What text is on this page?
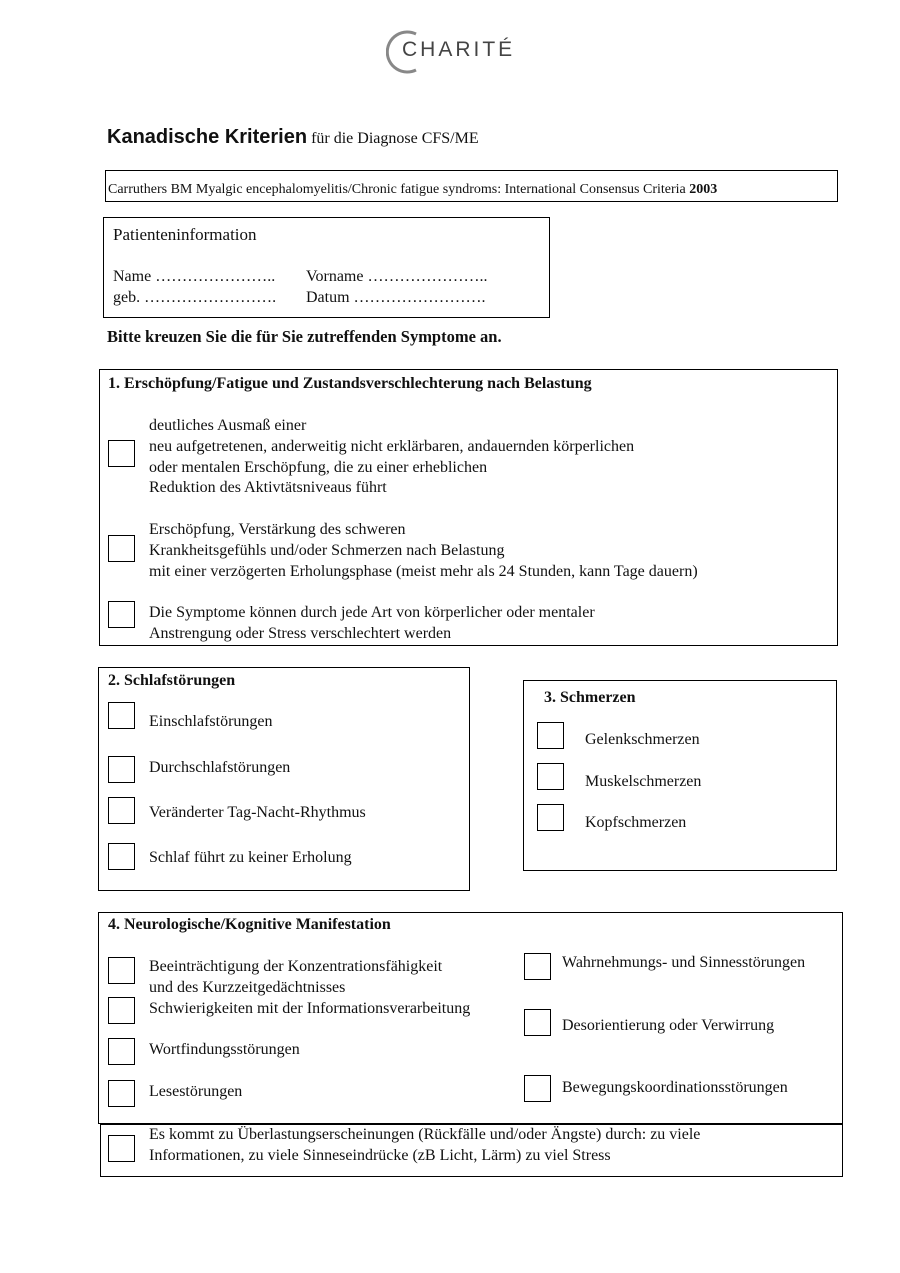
CHARITÉ
Kanadische Kriterien für die Diagnose CFS/ME
Carruthers BM Myalgic encephalomyelitis/Chronic fatigue syndroms: International Consensus Criteria 2003
Patienteninformation
Name ………………….. Vorname …………………..
geb. ……………………. Datum …………………….
Bitte kreuzen Sie die für Sie zutreffenden Symptome an.
1. Erschöpfung/Fatigue und Zustandsverschlechterung nach Belastung
deutliches Ausmaß einer
neu aufgetretenen, anderweitig nicht erklärbaren, andauernden körperlichen
oder mentalen Erschöpfung, die zu einer erheblichen
Reduktion des Aktivtätsniveaus führt
Erschöpfung, Verstärkung des schweren
Krankheitsgefühls und/oder Schmerzen nach Belastung
mit einer verzögerten Erholungsphase (meist mehr als 24 Stunden, kann Tage dauern)
Die Symptome können durch jede Art von körperlicher oder mentaler
Anstrengung oder Stress verschlechtert werden
2. Schlafstörungen
Einschlafstörungen
Durchschlafstörungen
Veränderter Tag-Nacht-Rhythmus
Schlaf führt zu keiner Erholung
3. Schmerzen
Gelenkschmerzen
Muskelschmerzen
Kopfschmerzen
4. Neurologische/Kognitive Manifestation
Beeinträchtigung der Konzentrationsfähigkeit
und des Kurzzeitgedächtnisses
Schwierigkeiten mit der Informationsverarbeitung
Wortfindungsstörungen
Lesestörungen
Wahrnehmungs- und Sinnesstörungen
Desorientierung oder Verwirrung
Bewegungskoordinationsstörungen
Es kommt zu Überlastungserscheinungen (Rückfälle und/oder Ängste) durch: zu viele
Informationen, zu viele Sinneseindrücke (zB Licht, Lärm) zu viel Stress
